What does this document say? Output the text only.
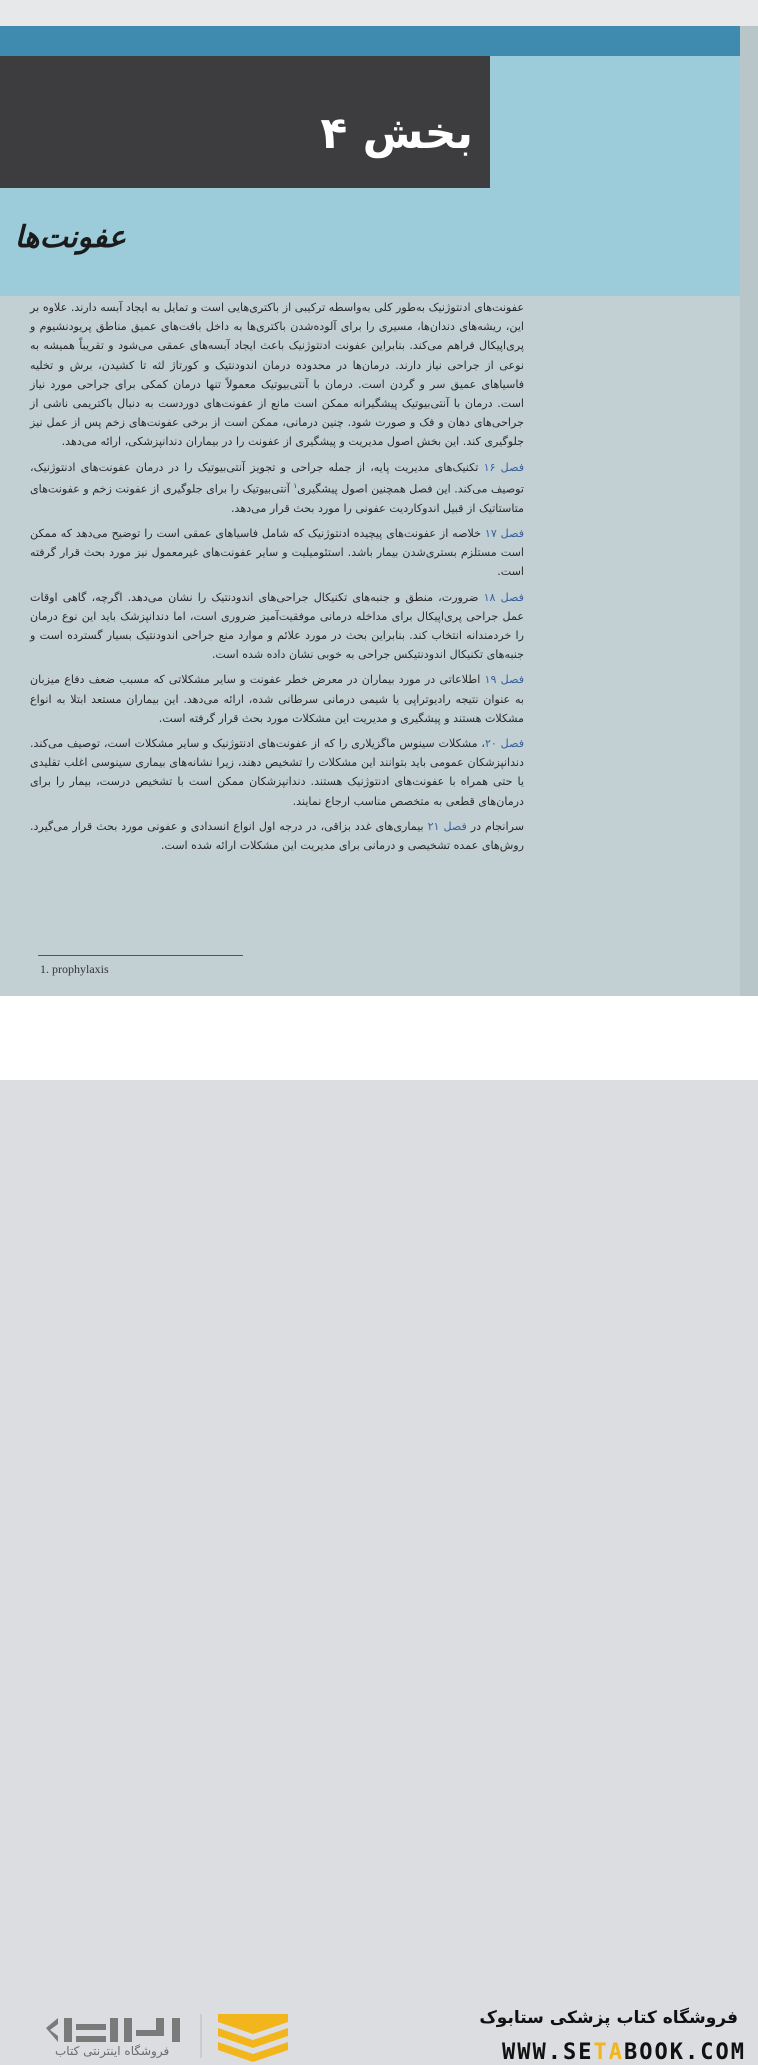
بخش ۴
عفونت‌ها

عفونت‌های ادنتوژنیک به‌طور کلی به‌واسطه ترکیبی از باکتری‌هایی است و تمایل به ایجاد آبسه دارند. علاوه بر این، ریشه‌های دندان‌ها، مسیری را برای آلوده‌شدن باکتری‌ها به داخل بافت‌های عمیق مناطق پریودنشیوم و پری‌اپیکال فراهم می‌کند. بنابراین عفونت ادنتوژنیک باعث ایجاد آبسه‌های عمقی می‌شود و تقریباً همیشه به نوعی از جراحی نیاز دارند. درمان‌ها در محدوده درمان اندودنتیک و کورتاژ لثه تا کشیدن، برش و تخلیه فاسیاهای عمیق سر و گردن است. درمان با آنتی‌بیوتیک معمولاً تنها درمان کمکی برای جراحی مورد نیاز است. درمان با آنتی‌بیوتیک پیشگیرانه ممکن است مانع از عفونت‌های دوردست به دنبال باکتریمی ناشی از جراحی‌های دهان و فک و صورت شود. چنین درمانی، ممکن است از برخی عفونت‌های زخم پس از عمل نیز جلوگیری کند. این بخش اصول مدیریت و پیشگیری از عفونت را در بیماران دندانپزشکی، ارائه می‌دهد.

فصل ۱۶ تکنیک‌های مدیریت پایه، از جمله جراحی و تجویز آنتی‌بیوتیک را در درمان عفونت‌های ادنتوژنیک، توصیف می‌کند. این فصل همچنین اصول پیشگیری$^۱$ آنتی‌بیوتیک را برای جلوگیری از عفونت زخم و عفونت‌های متاستاتیک از قبیل اندوکاردیت عفونی را مورد بحث قرار می‌دهد.

فصل ۱۷ خلاصه از عفونت‌های پیچیده ادنتوژنیک که شامل فاسیاهای عمقی است را توضیح می‌دهد که ممکن است مستلزم بستری‌شدن بیمار باشد. استئومیلیت و سایر عفونت‌های غیرمعمول نیز مورد بحث قرار گرفته است.

فصل ۱۸ ضرورت، منطق و جنبه‌های تکنیکال جراحی‌های اندودنتیک را نشان می‌دهد. اگرچه، گاهی اوقات عمل جراحی پری‌اپیکال برای مداخله درمانی موفقیت‌آمیز ضروری است، اما دندانپزشک باید این نوع درمان را خردمندانه انتخاب کند. بنابراین بحث در مورد علائم و موارد منع جراحی اندودنتیک بسیار گسترده است و جنبه‌های تکنیکال اندودنتیکس جراحی به خوبی نشان داده شده است.

فصل ۱۹ اطلاعاتی در مورد بیماران در معرض خطر عفونت و سایر مشکلاتی که مسبب ضعف دفاع میزبان به عنوان نتیجه رادیوتراپی یا شیمی درمانی سرطانی شده، ارائه می‌دهد. این بیماران مستعد ابتلا به انواع مشکلات هستند و پیشگیری و مدیریت این مشکلات مورد بحث قرار گرفته است.

فصل ۲۰، مشکلات سینوس ماگزیلاری را که از عفونت‌های ادنتوژنیک و سایر مشکلات است، توصیف می‌کند. دندانپزشکان عمومی باید بتوانند این مشکلات را تشخیص دهند، زیرا نشانه‌های بیماری سینوسی اغلب تقلیدی یا حتی همراه با عفونت‌های ادنتوژنیک هستند. دندانپزشکان ممکن است با تشخیص درست، بیمار را برای درمان‌های قطعی به متخصص مناسب ارجاع نمایند.

سرانجام در فصل ۲۱ بیماری‌های غدد بزاقی، در درجه اول انواع انسدادی و عفونی مورد بحث قرار می‌گیرد. روش‌های عمده تشخیصی و درمانی برای مدیریت این مشکلات ارائه شده است.

1. prophylaxis
فروشگاه اینترنتی کتاب
فروشگاه کتاب پزشکی ستابوک
WWW.SETABOOK.COM
